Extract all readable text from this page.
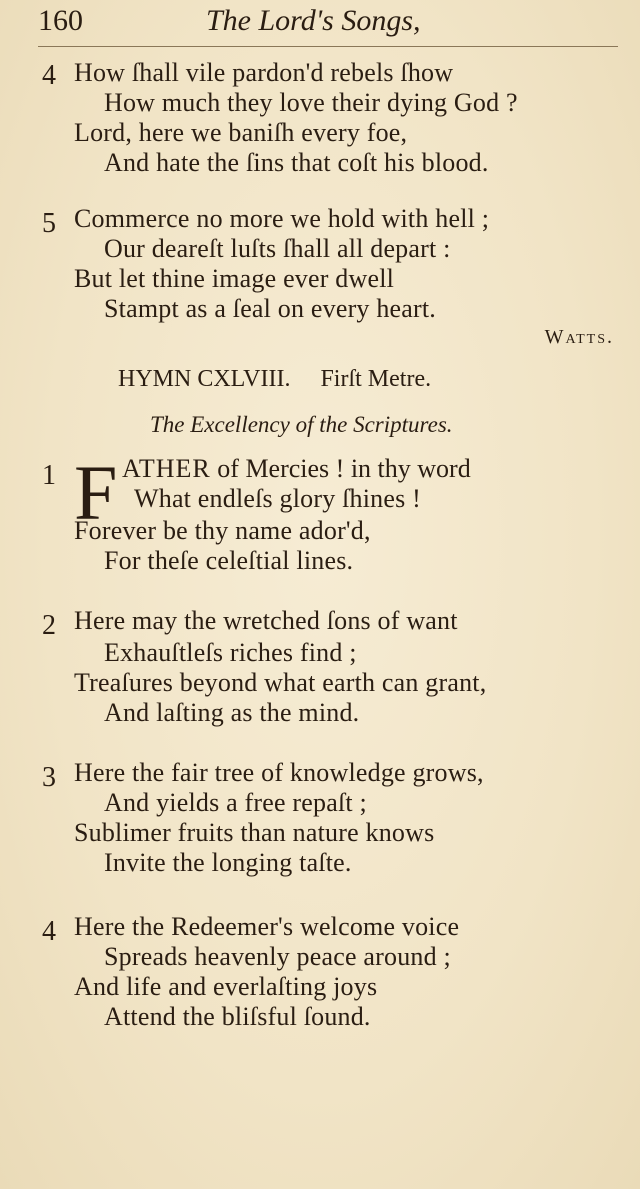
160	The Lord's Songs,
4 How ſhall vile pardon'd rebels ſhow
How much they love their dying God ?
Lord, here we baniſh every foe,
And hate the ſins that coſt his blood.
5 Commerce no more we hold with hell ;
Our deareſt luſts ſhall all depart :
But let thine image ever dwell
Stampt as a ſeal on every heart.
Watts.
HYMN CXLVIII. Firſt Metre.
The Excellency of the Scriptures.
1 F ATHER of Mercies ! in thy word
What endleſs glory ſhines !
Forever be thy name ador'd,
For theſe celeſtial lines.
2 Here may the wretched ſons of want
Exhauſtleſs riches find ;
Treaſures beyond what earth can grant,
And laſting as the mind.
3 Here the fair tree of knowledge grows,
And yields a free repaſt ;
Sublimer fruits than nature knows
Invite the longing taſte.
4 Here the Redeemer's welcome voice
Spreads heavenly peace around ;
And life and everlaſting joys
Attend the bliſsful ſound.
